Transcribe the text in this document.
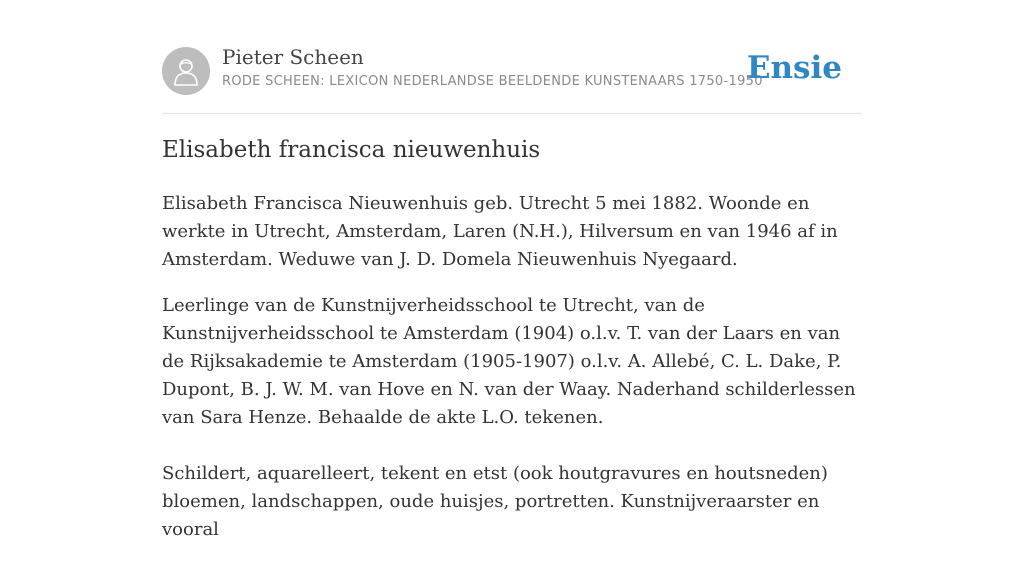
Pieter Scheen
RODE SCHEEN: LEXICON NEDERLANDSE BEELDENDE KUNSTENAARS 1750-1950
Ensie
Elisabeth francisca nieuwenhuis

Elisabeth Francisca Nieuwenhuis geb. Utrecht 5 mei 1882. Woonde en werkte in Utrecht, Amsterdam, Laren (N.H.), Hilversum en van 1946 af in Amsterdam. Weduwe van J. D. Domela Nieuwenhuis Nyegaard.

Leerlinge van de Kunstnijverheidsschool te Utrecht, van de Kunstnijverheidsschool te Amsterdam (1904) o.l.v. T. van der Laars en van de Rijksakademie te Amsterdam (1905-1907) o.l.v. A. Allebé, C. L. Dake, P. Dupont, B. J. W. M. van Hove en N. van der Waay. Naderhand schilderlessen van Sara Henze. Behaalde de akte L.O. tekenen.

Schildert, aquarelleert, tekent en etst (ook houtgravures en houtsneden) bloemen, landschappen, oude huisjes, portretten. Kunstnijveraarster en vooral
